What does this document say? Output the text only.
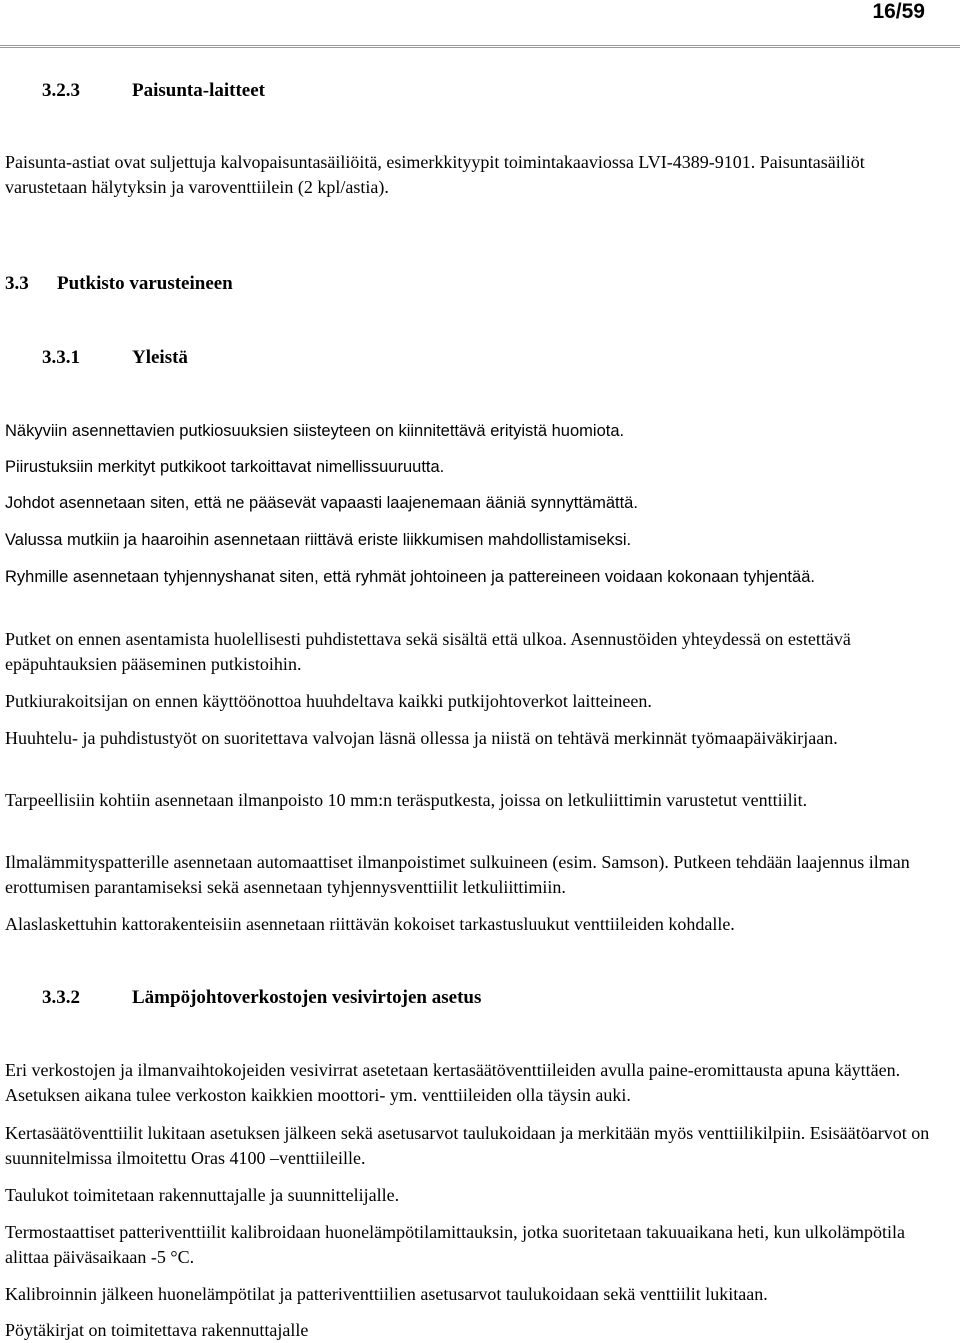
16/59
3.2.3	Paisunta-laitteet

Paisunta-astiat ovat suljettuja kalvopaisuntasäiliöitä, esimerkkityypit toimintakaaviossa LVI-4389-9101. Paisuntasäiliöt varustetaan hälytyksin ja varoventtiilein (2 kpl/astia).

3.3 Putkisto varusteineen
3.3.1	Yleistä

Näkyviin asennettavien putkiosuuksien siisteyteen on kiinnitettävä erityistä huomiota.

Piirustuksiin merkityt putkikoot tarkoittavat nimellissuuruutta.

Johdot asennetaan siten, että ne pääsevät vapaasti laajenemaan ääniä synnyttämättä.

Valussa mutkiin ja haaroihin asennetaan riittävä eriste liikkumisen mahdollistamiseksi.

Ryhmille asennetaan tyhjennyshanat siten, että ryhmät johtoineen ja pattereineen voidaan kokonaan tyhjentää.

Putket on ennen asentamista huolellisesti puhdistettava sekä sisältä että ulkoa. Asennustöiden yhteydessä on estettävä epäpuhtauksien pääseminen putkistoihin.

Putkiurakoitsijan on ennen käyttöönottoa huuhdeltava kaikki putkijohtoverkot laitteineen.

Huuhtelu- ja puhdistustyöt on suoritettava valvojan läsnä ollessa ja niistä on tehtävä merkinnät työmaapäiväkirjaan.

Tarpeellisiin kohtiin asennetaan ilmanpoisto 10 mm:n teräsputkesta, joissa on letkuliittimin varustetut venttiilit.

Ilmalämmityspatterille asennetaan automaattiset ilmanpoistimet sulkuineen (esim. Samson). Putkeen tehdään laajennus ilman erottumisen parantamiseksi sekä asennetaan tyhjennysventtiilit letkuliittimiin.

Alaslaskettuhin kattorakenteisiin asennetaan riittävän kokoiset tarkastusluukut venttiileiden kohdalle.

3.3.2	Lämpöjohtoverkostojen vesivirtojen asetus

Eri verkostojen ja ilmanvaihtokojeiden vesivirrat asetetaan kertasäätöventtiileiden avulla paine-eromittausta apuna käyttäen. Asetuksen aikana tulee verkoston kaikkien moottori- ym. venttiileiden olla täysin auki.

Kertasäätöventtiilit lukitaan asetuksen jälkeen sekä asetusarvot taulukoidaan ja merkitään myös venttiilikilpiin. Esisäätöarvot on suunnitelmissa ilmoitettu Oras 4100 –venttiileille.

Taulukot toimitetaan rakennuttajalle ja suunnittelijalle.

Termostaattiset patteriventtiilit kalibroidaan huonelämpötilamittauksin, jotka suoritetaan takuuaikana heti, kun ulkolämpötila alittaa päiväsaikaan -5 °C.

Kalibroinnin jälkeen huonelämpötilat ja patteriventtiilien asetusarvot taulukoidaan sekä venttiilit lukitaan.

Pöytäkirjat on toimitettava rakennuttajalle
